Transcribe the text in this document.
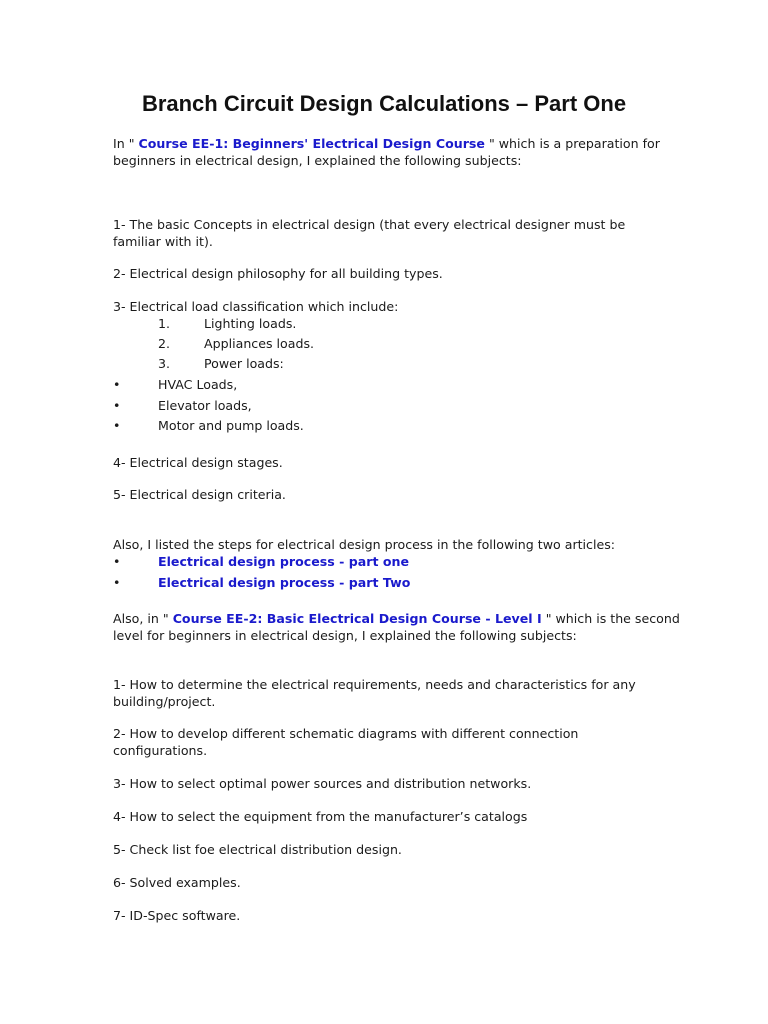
Branch Circuit Design Calculations – Part One
In " Course EE-1: Beginners' Electrical Design Course " which is a preparation for
beginners in electrical design, I explained the following subjects:
1- The basic Concepts in electrical design (that every electrical designer must be
familiar with it).
2- Electrical design philosophy for all building types.
3- Electrical load classification which include:
1.	Lighting loads.
2.	Appliances loads.
3.	Power loads:
•	HVAC Loads,
•	Elevator loads,
•	Motor and pump loads.
4- Electrical design stages.
5- Electrical design criteria.
Also, I listed the steps for electrical design process in the following two articles:
•	Electrical design process - part one
•	Electrical design process - part Two
Also, in " Course EE-2: Basic Electrical Design Course - Level I " which is the second
level for beginners in electrical design, I explained the following subjects:
1- How to determine the electrical requirements, needs and characteristics for any
building/project.
2- How to develop different schematic diagrams with different connection
configurations.
3- How to select optimal power sources and distribution networks.
4- How to select the equipment from the manufacturer’s catalogs
5- Check list foe electrical distribution design.
6- Solved examples.
7- ID-Spec software.
